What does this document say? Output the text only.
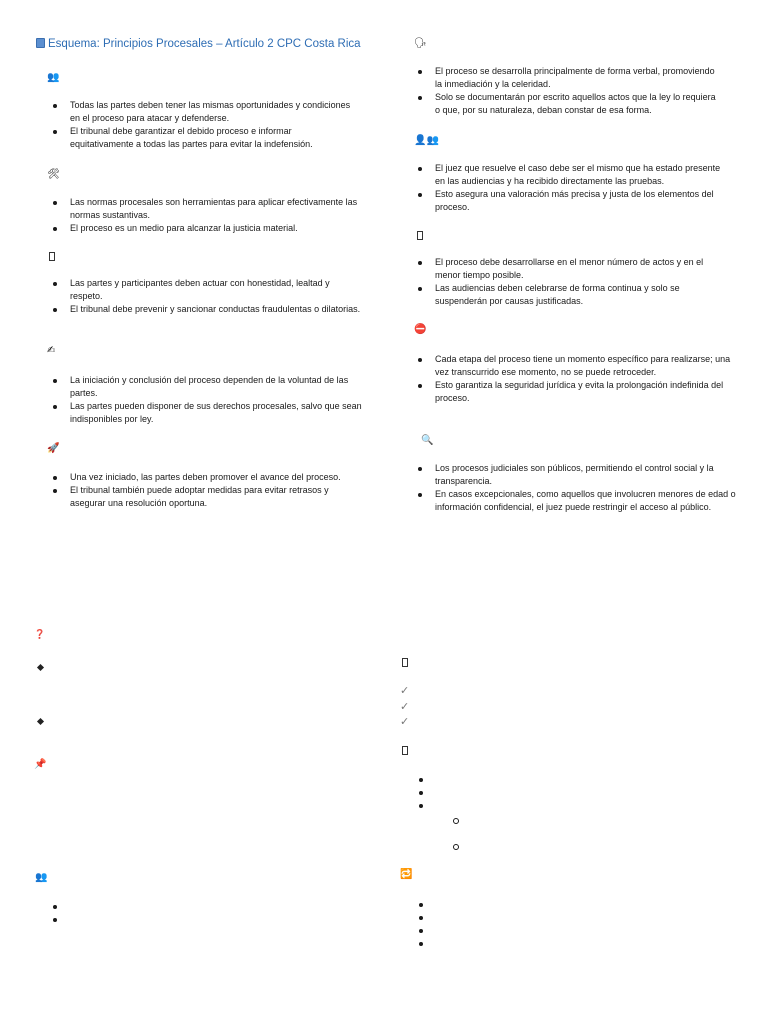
Esquema: Principios Procesales – Artículo 2 CPC Costa Rica
👥
Todas las partes deben tener las mismas oportunidades y condiciones en el proceso para atacar y defenderse.
El tribunal debe garantizar el debido proceso e informar equitativamente a todas las partes para evitar la indefensión.
🛠
Las normas procesales son herramientas para aplicar efectivamente las normas sustantivas.
El proceso es un medio para alcanzar la justicia material.
Las partes y participantes deben actuar con honestidad, lealtad y respeto.
El tribunal debe prevenir y sancionar conductas fraudulentas o dilatorias.
✍
La iniciación y conclusión del proceso dependen de la voluntad de las partes.
Las partes pueden disponer de sus derechos procesales, salvo que sean indisponibles por ley.
🚀
Una vez iniciado, las partes deben promover el avance del proceso.
El tribunal también puede adoptar medidas para evitar retrasos y asegurar una resolución oportuna.
🗣
El proceso se desarrolla principalmente de forma verbal, promoviendo la inmediación y la celeridad.
Solo se documentarán por escrito aquellos actos que la ley lo requiera o que, por su naturaleza, deban constar de esa forma.
👤👥
El juez que resuelve el caso debe ser el mismo que ha estado presente en las audiencias y ha recibido directamente las pruebas.
Esto asegura una valoración más precisa y justa de los elementos del proceso.
El proceso debe desarrollarse en el menor número de actos y en el menor tiempo posible.
Las audiencias deben celebrarse de forma continua y solo se suspenderán por causas justificadas.
⛔
Cada etapa del proceso tiene un momento específico para realizarse; una vez transcurrido ese momento, no se puede retroceder.
Esto garantiza la seguridad jurídica y evita la prolongación indefinida del proceso.
🔍
Los procesos judiciales son públicos, permitiendo el control social y la transparencia.
En casos excepcionales, como aquellos que involucren menores de edad o información confidencial, el juez puede restringir el acceso al público.
❓
📌
👥
✓
✓
✓
🔁
